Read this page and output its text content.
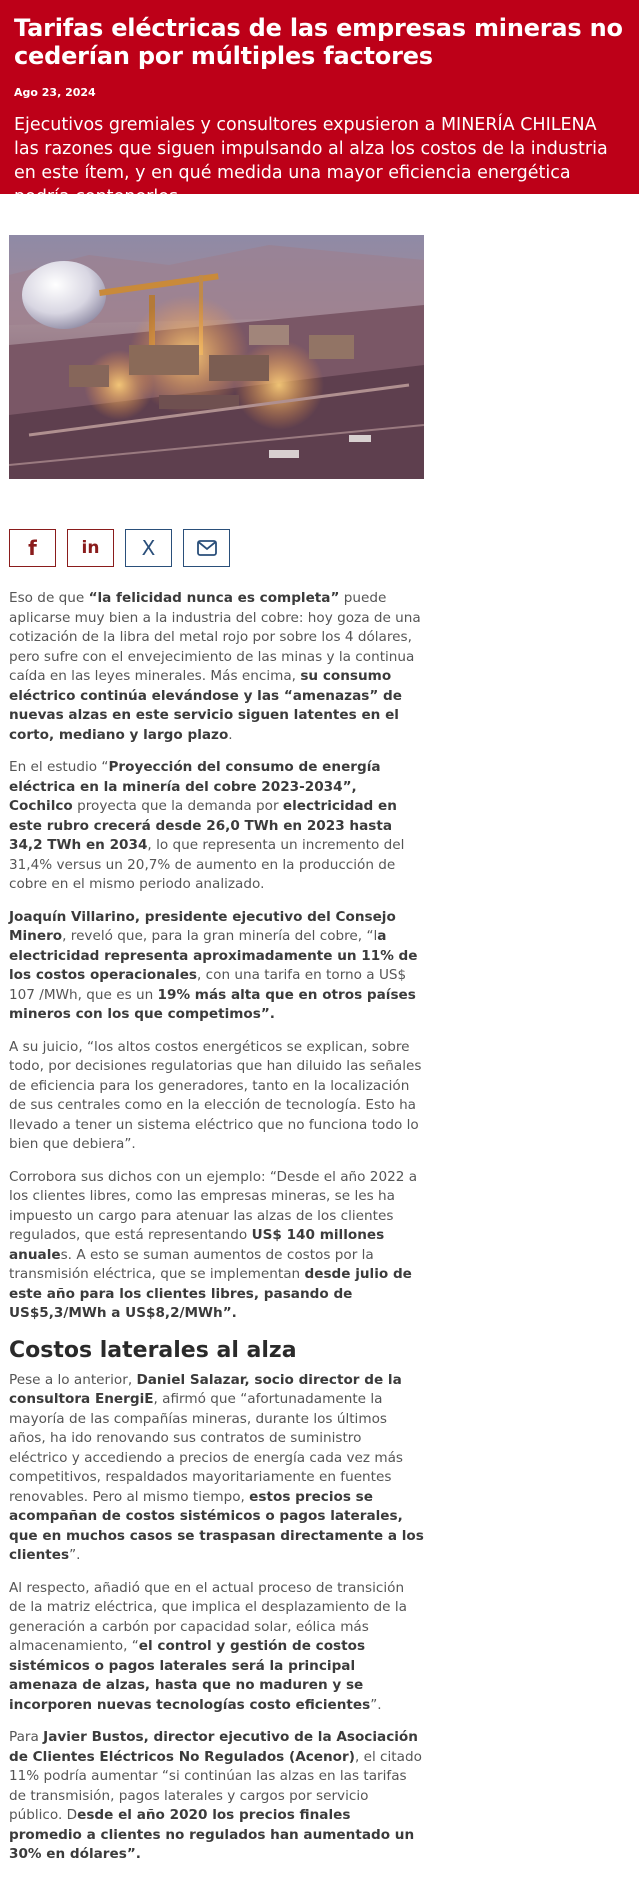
Tarifas eléctricas de las empresas mineras no cederían por múltiples factores
Ago 23, 2024
Ejecutivos gremiales y consultores expusieron a MINERÍA CHILENA las razones que siguen impulsando al alza los costos de la industria en este ítem, y en qué medida una mayor eficiencia energética podría contenerlos.
f	in X

Eso de que “la felicidad nunca es completa” puede aplicarse muy bien a la industria del cobre: hoy goza de una cotización de la libra del metal rojo por sobre los 4 dólares, pero sufre con el envejecimiento de las minas y la continua caída en las leyes minerales. Más encima, su consumo eléctrico continúa elevándose y las “amenazas” de nuevas alzas en este servicio siguen latentes en el corto, mediano y largo plazo.

En el estudio “Proyección del consumo de energía eléctrica en la minería del cobre 2023-2034”, Cochilco proyecta que la demanda por electricidad en este rubro crecerá desde 26,0 TWh en 2023 hasta 34,2 TWh en 2034, lo que representa un incremento del 31,4% versus un 20,7% de aumento en la producción de cobre en el mismo periodo analizado.

Joaquín Villarino, presidente ejecutivo del Consejo Minero, reveló que, para la gran minería del cobre, “la electricidad representa aproximadamente un 11% de los costos operacionales, con una tarifa en torno a US$ 107 /MWh, que es un 19% más alta que en otros países mineros con los que competimos”.

A su juicio, “los altos costos energéticos se explican, sobre todo, por decisiones regulatorias que han diluido las señales de eficiencia para los generadores, tanto en la localización de sus centrales como en la elección de tecnología. Esto ha llevado a tener un sistema eléctrico que no funciona todo lo bien que debiera”.

Corrobora sus dichos con un ejemplo: “Desde el año 2022 a los clientes libres, como las empresas mineras, se les ha impuesto un cargo para atenuar las alzas de los clientes regulados, que está representando US$ 140 millones anuales. A esto se suman aumentos de costos por la transmisión eléctrica, que se implementan desde julio de este año para los clientes libres, pasando de US$5,3/MWh a US$8,2/MWh”.

Costos laterales al alza

Pese a lo anterior, Daniel Salazar, socio director de la consultora EnergiE, afirmó que “afortunadamente la mayoría de las compañías mineras, durante los últimos años, ha ido renovando sus contratos de suministro eléctrico y accediendo a precios de energía cada vez más competitivos, respaldados mayoritariamente en fuentes renovables. Pero al mismo tiempo, estos precios se acompañan de costos sistémicos o pagos laterales, que en muchos casos se traspasan directamente a los clientes”.

Al respecto, añadió que en el actual proceso de transición de la matriz eléctrica, que implica el desplazamiento de la generación a carbón por capacidad solar, eólica más almacenamiento, “el control y gestión de costos sistémicos o pagos laterales será la principal amenaza de alzas, hasta que no maduren y se incorporen nuevas tecnologías costo eficientes”.

Para Javier Bustos, director ejecutivo de la Asociación de Clientes Eléctricos No Regulados (Acenor), el citado 11% podría aumentar “si continúan las alzas en las tarifas de transmisión, pagos laterales y cargos por servicio público. Desde el año 2020 los precios finales promedio a clientes no regulados han aumentado un 30% en dólares”.
